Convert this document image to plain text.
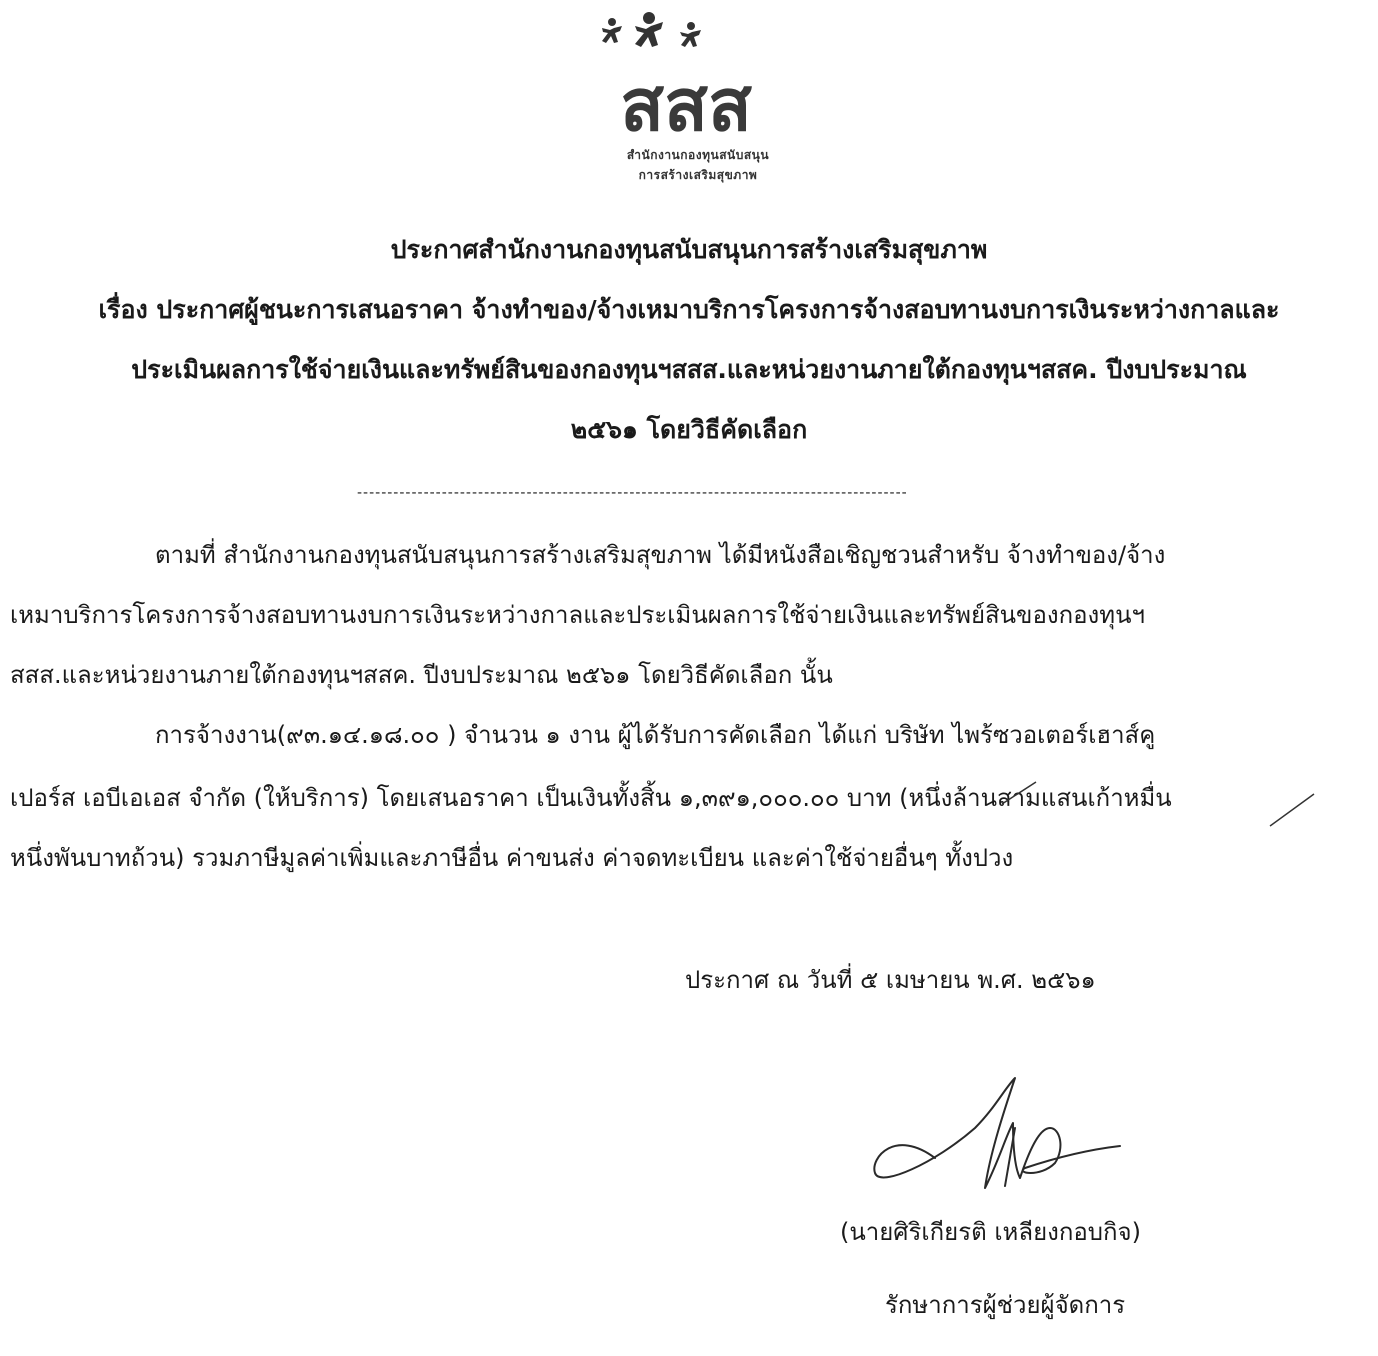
สสส
สำนักงานกองทุนสนับสนุน
การสร้างเสริมสุขภาพ
ประกาศสำนักงานกองทุนสนับสนุนการสร้างเสริมสุขภาพ
เรื่อง ประกาศผู้ชนะการเสนอราคา จ้างทำของ/จ้างเหมาบริการโครงการจ้างสอบทานงบการเงินระหว่างกาลและ
ประเมินผลการใช้จ่ายเงินและทรัพย์สินของกองทุนฯสสส.และหน่วยงานภายใต้กองทุนฯสสค. ปีงบประมาณ
๒๕๖๑ โดยวิธีคัดเลือก
-------------------------------------------------------------------------------------------
ตามที่ สำนักงานกองทุนสนับสนุนการสร้างเสริมสุขภาพ ได้มีหนังสือเชิญชวนสำหรับ จ้างทำของ/จ้าง
เหมาบริการโครงการจ้างสอบทานงบการเงินระหว่างกาลและประเมินผลการใช้จ่ายเงินและทรัพย์สินของกองทุนฯ
สสส.และหน่วยงานภายใต้กองทุนฯสสค. ปีงบประมาณ ๒๕๖๑ โดยวิธีคัดเลือก นั้น
การจ้างงาน(๙๓.๑๔.๑๘.๐๐ ) จำนวน ๑ งาน ผู้ได้รับการคัดเลือก ได้แก่ บริษัท ไพร้ซวอเตอร์เฮาส์คู
เปอร์ส เอบีเอเอส จำกัด (ให้บริการ) โดยเสนอราคา เป็นเงินทั้งสิ้น ๑,๓๙๑,๐๐๐.๐๐ บาท (หนึ่งล้านสามแสนเก้าหมื่น
หนึ่งพันบาทถ้วน) รวมภาษีมูลค่าเพิ่มและภาษีอื่น ค่าขนส่ง ค่าจดทะเบียน และค่าใช้จ่ายอื่นๆ ทั้งปวง
ประกาศ ณ วันที่ ๕ เมษายน พ.ศ. ๒๕๖๑
(นายศิริเกียรติ เหลียงกอบกิจ)
รักษาการผู้ช่วยผู้จัดการ
